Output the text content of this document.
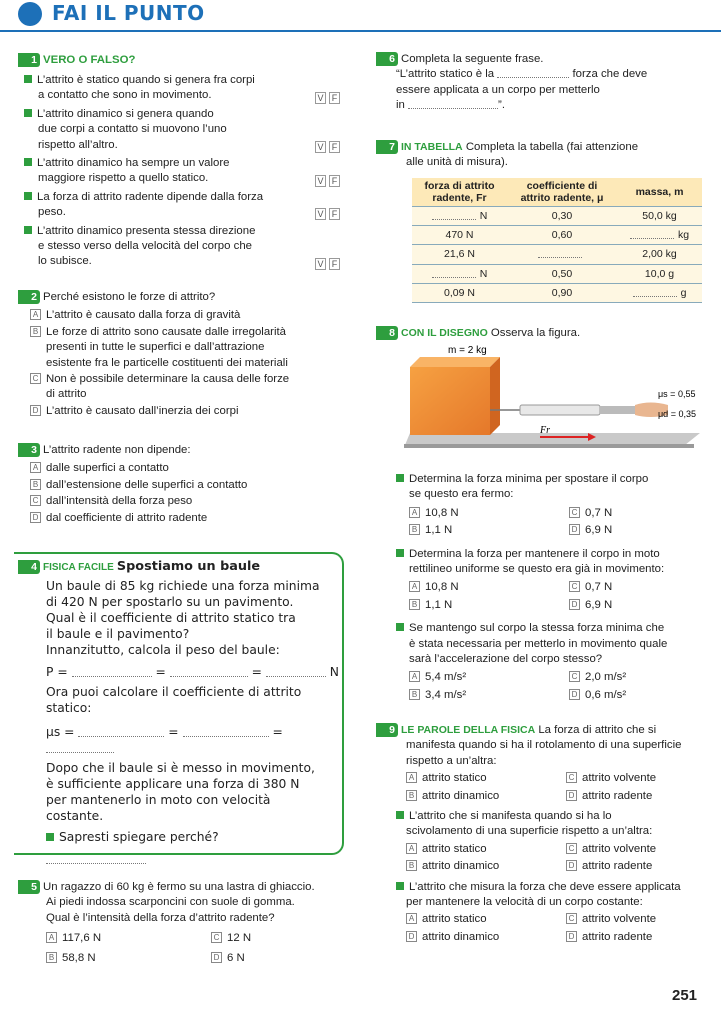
FAI IL PUNTO
1 VERO O FALSO?
L’attrito è statico quando si genera fra corpi
a contatto che sono in movimento.	V F
L’attrito dinamico si genera quando
due corpi a contatto si muovono l’uno
rispetto all’altro.	V F
L’attrito dinamico ha sempre un valore
maggiore rispetto a quello statico.	V F
La forza di attrito radente dipende dalla forza
peso.	V F
L’attrito dinamico presenta stessa direzione
e stesso verso della velocità del corpo che
lo subisce.	V F
2 Perché esistono le forze di attrito?
A L’attrito è causato dalla forza di gravità
B Le forze di attrito sono causate dalle irregolarità
presenti in tutte le superfici e dall’attrazione
esistente fra le particelle costituenti dei materiali
C Non è possibile determinare la causa delle forze
di attrito
D L’attrito è causato dall’inerzia dei corpi
3 L’attrito radente non dipende:
A dalle superfici a contatto
B dall’estensione delle superfici a contatto
C dall’intensità della forza peso
D dal coefficiente di attrito radente
4 FISICA FACILE Spostiamo un baule
Un baule di 85 kg richiede una forza minima
di 420 N per spostarlo su un pavimento.
Qual è il coefficiente di attrito statico tra
il baule e il pavimento?
Innanzitutto, calcola il peso del baule:
P =	=	=	N
Ora puoi calcolare il coefficiente di attrito
statico:
μs =	=	=
Dopo che il baule si è messo in movimento,
è sufficiente applicare una forza di 380 N
per mantenerlo in moto con velocità
costante.
Sapresti spiegare perché?
5 Un ragazzo di 60 kg è fermo su una lastra di ghiaccio.
Ai piedi indossa scarponcini con suole di gomma.
Qual è l’intensità della forza d’attrito radente?
A 117,6 N	C 12 N
B 58,8 N	D 6 N
6 Completa la seguente frase.
“L’attrito statico è la	forza che deve
essere applicata a un corpo per metterlo
in	”.
7 IN TABELLA Completa la tabella (fai attenzione
alle unità di misura).
forza di attrito radente, Fr	coefficiente di attrito radente, μ	massa, m
N	0,30	50,0 kg
470 N	0,60	kg
21,6 N		2,00 kg
N	0,50	10,0 g
0,09 N	0,90	g
8 CON IL DISEGNO Osserva la figura.
m = 2 kg
μs = 0,55
μd = 0,35
Fr
Determina la forza minima per spostare il corpo
se questo era fermo:
A 10,8 N	C 0,7 N
B 1,1 N	D 6,9 N
Determina la forza per mantenere il corpo in moto
rettilineo uniforme se questo era già in movimento:
A 10,8 N	C 0,7 N
B 1,1 N	D 6,9 N
Se mantengo sul corpo la stessa forza minima che
è stata necessaria per metterlo in movimento quale
sarà l’accelerazione del corpo stesso?
A 5,4 m/s²	C 2,0 m/s²
B 3,4 m/s²	D 0,6 m/s²
9 LE PAROLE DELLA FISICA La forza di attrito che si
manifesta quando si ha il rotolamento di una superficie
rispetto a un’altra:
A attrito statico	C attrito volvente
B attrito dinamico	D attrito radente
L’attrito che si manifesta quando si ha lo
scivolamento di una superficie rispetto a un’altra:
A attrito statico	C attrito volvente
B attrito dinamico	D attrito radente
L’attrito che misura la forza che deve essere applicata
per mantenere la velocità di un corpo costante:
A attrito statico	C attrito volvente
D attrito dinamico	D attrito radente
251
